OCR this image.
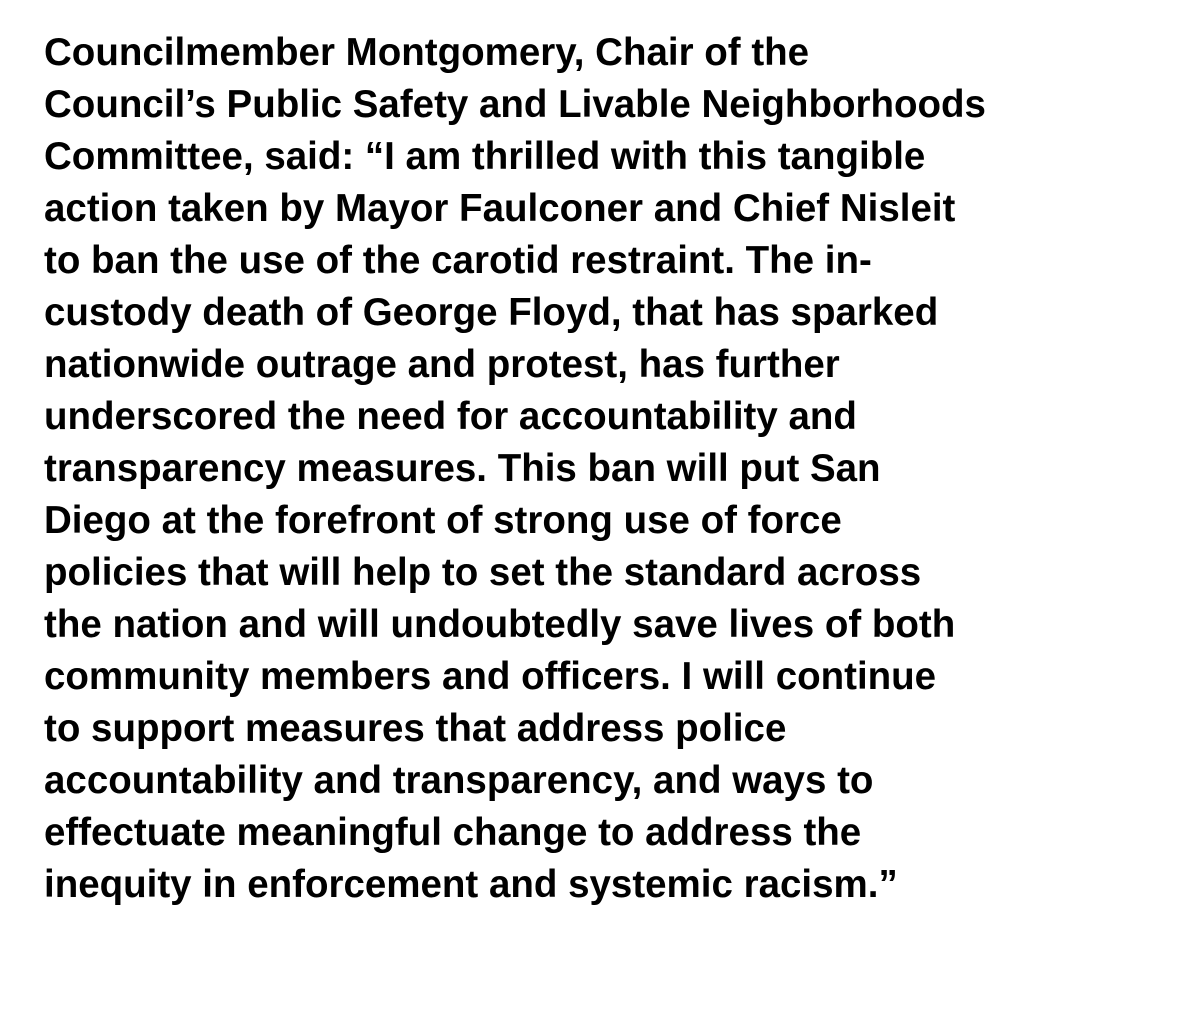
Councilmember Montgomery, Chair of the
Council’s Public Safety and Livable Neighborhoods
Committee, said: “I am thrilled with this tangible
action taken by Mayor Faulconer and Chief Nisleit
to ban the use of the carotid restraint. The in-
custody death of George Floyd, that has sparked
nationwide outrage and protest, has further
underscored the need for accountability and
transparency measures. This ban will put San
Diego at the forefront of strong use of force
policies that will help to set the standard across
the nation and will undoubtedly save lives of both
community members and officers. I will continue
to support measures that address police
accountability and transparency, and ways to
effectuate meaningful change to address the
inequity in enforcement and systemic racism.”
